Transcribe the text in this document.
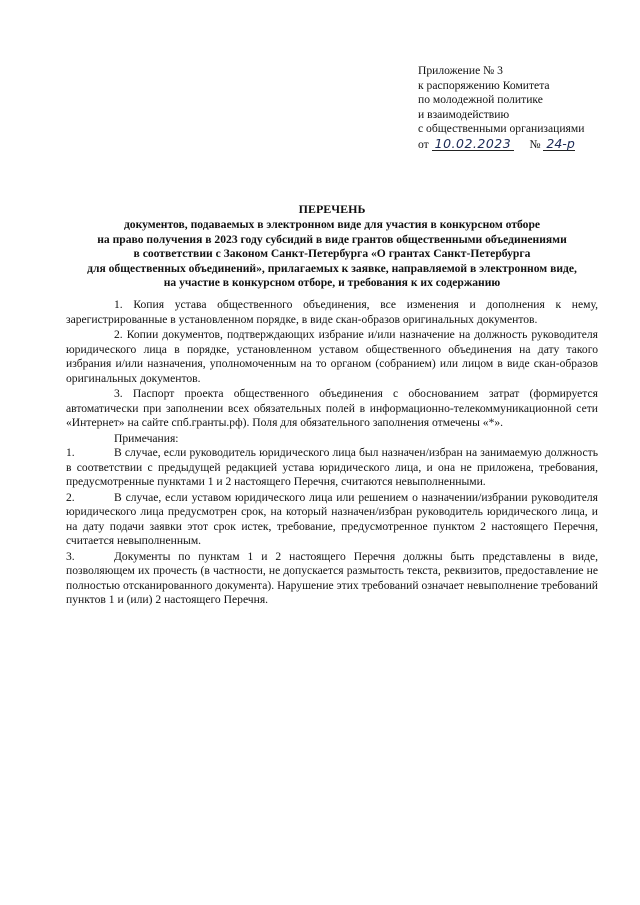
Приложение № 3
к распоряжению Комитета
по молодежной политике
и взаимодействию
с общественными организациями
от 10.02.2023 № 24-р
ПЕРЕЧЕНЬ
документов, подаваемых в электронном виде для участия в конкурсном отборе
на право получения в 2023 году субсидий в виде грантов общественными объединениями
в соответствии с Законом Санкт-Петербурга «О грантах Санкт-Петербурга
для общественных объединений», прилагаемых к заявке, направляемой в электронном виде,
на участие в конкурсном отборе, и требования к их содержанию

1. Копия устава общественного объединения, все изменения и дополнения к нему, зарегистрированные в установленном порядке, в виде скан-образов оригинальных документов.

2. Копии документов, подтверждающих избрание и/или назначение на должность руководителя юридического лица в порядке, установленном уставом общественного объединения на дату такого избрания и/или назначения, уполномоченным на то органом (собранием) или лицом в виде скан-образов оригинальных документов.

3. Паспорт проекта общественного объединения с обоснованием затрат (формируется автоматически при заполнении всех обязательных полей в информационно-телекоммуникационной сети «Интернет» на сайте спб.гранты.рф). Поля для обязательного заполнения отмечены «*».

Примечания:

1.	В случае, если руководитель юридического лица был назначен/избран на занимаемую должность в соответствии с предыдущей редакцией устава юридического лица, и она не приложена, требования, предусмотренные пунктами 1 и 2 настоящего Перечня, считаются невыполненными.

2.	В случае, если уставом юридического лица или решением о назначении/избрании руководителя юридического лица предусмотрен срок, на который назначен/избран руководитель юридического лица, и на дату подачи заявки этот срок истек, требование, предусмотренное пунктом 2 настоящего Перечня, считается невыполненным.

3.	Документы по пунктам 1 и 2 настоящего Перечня должны быть представлены в виде, позволяющем их прочесть (в частности, не допускается размытость текста, реквизитов, предоставление не полностью отсканированного документа). Нарушение этих требований означает невыполнение требований пунктов 1 и (или) 2 настоящего Перечня.
